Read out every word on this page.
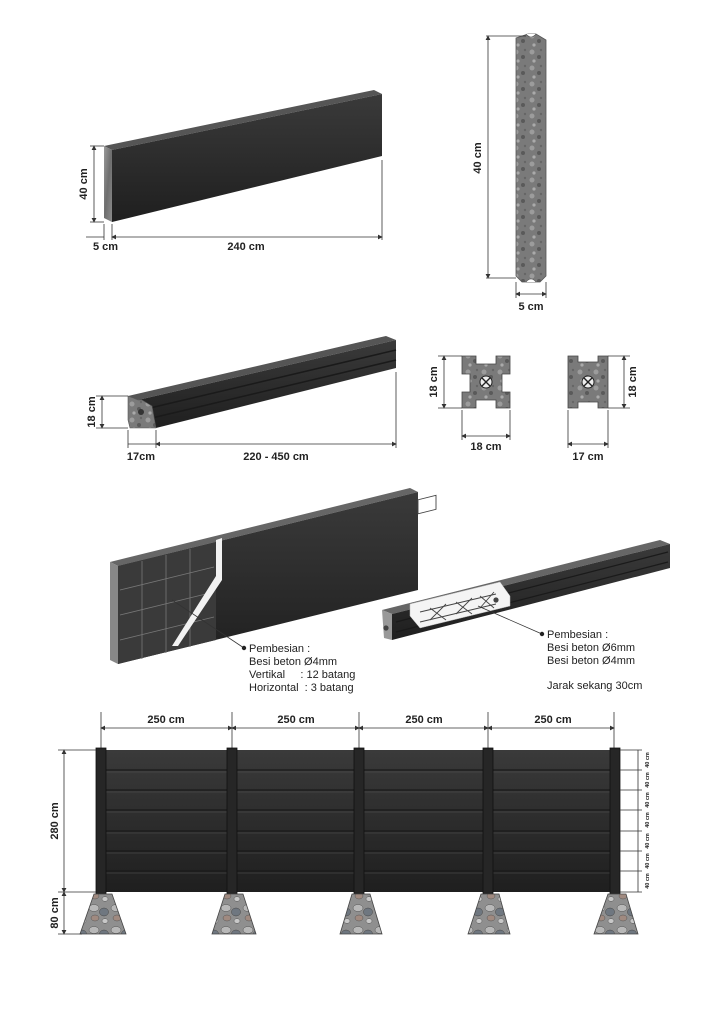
40 cm
5 cm	240 cm
40 cm
5 cm
18 cm
17cm	220 - 450 cm
18 cm
18 cm
18 cm
17 cm
Pembesian :
Besi beton Ø4mm
Vertikal     : 12 batang
Horizontal  : 3 batang
Pembesian :
Besi beton Ø6mm
Besi beton Ø4mm
Jarak sekang 30cm
250 cm	250 cm	250 cm	250 cm
280 cm
80 cm
40 cm
40 cm
40 cm
40 cm
40 cm
40 cm
40 cm
